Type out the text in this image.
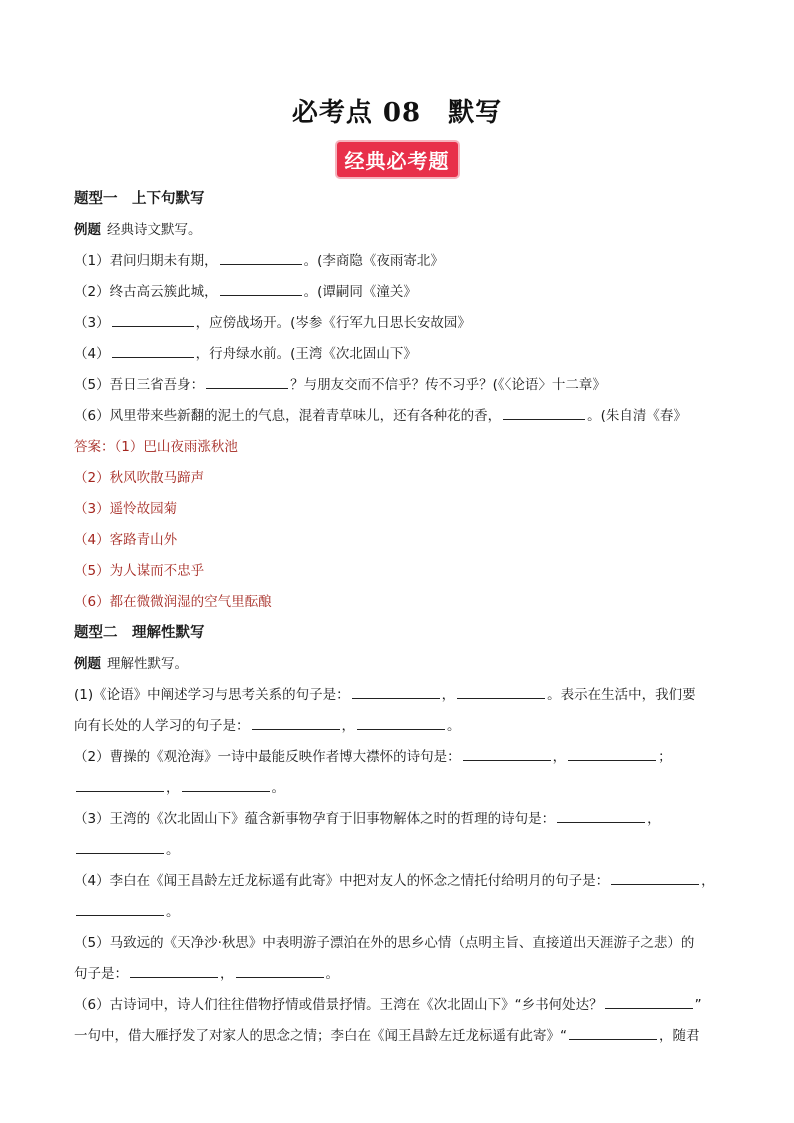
必考点 08　默写
经典必考题
题型一　上下句默写
例题 经典诗文默写。
（1）君问归期未有期，	。(李商隐《夜雨寄北》
（2）终古高云簇此城，	。(谭嗣同《潼关》
（3）	，应傍战场开。(岑参《行军九日思长安故园》
（4）	，行舟绿水前。(王湾《次北固山下》
（5）吾日三省吾身：	？与朋友交而不信乎？传不习乎？(《〈论语〉十二章》
（6）风里带来些新翻的泥土的气息，混着青草味儿，还有各种花的香，	。(朱自清《春》
答案：（1）巴山夜雨涨秋池
（2）秋风吹散马蹄声
（3）遥怜故园菊
（4）客路青山外
（5）为人谋而不忠乎
（6）都在微微润湿的空气里酝酿
题型二　理解性默写
例题 理解性默写。
(1)《论语》中阐述学习与思考关系的句子是：	，	。表示在生活中，我们要
向有长处的人学习的句子是：	，	。
（2）曹操的《观沧海》一诗中最能反映作者博大襟怀的诗句是：	，	；
，	。
（3）王湾的《次北固山下》蕴含新事物孕育于旧事物解体之时的哲理的诗句是：	，
。
（4）李白在《闻王昌龄左迁龙标遥有此寄》中把对友人的怀念之情托付给明月的句子是：	，
。
（5）马致远的《天净沙·秋思》中表明游子漂泊在外的思乡心情（点明主旨、直接道出天涯游子之悲）的
句子是：	，	。
（6）古诗词中，诗人们往往借物抒情或借景抒情。王湾在《次北固山下》“乡书何处达？	”
一句中，借大雁抒发了对家人的思念之情；李白在《闻王昌龄左迁龙标遥有此寄》“	，随君
